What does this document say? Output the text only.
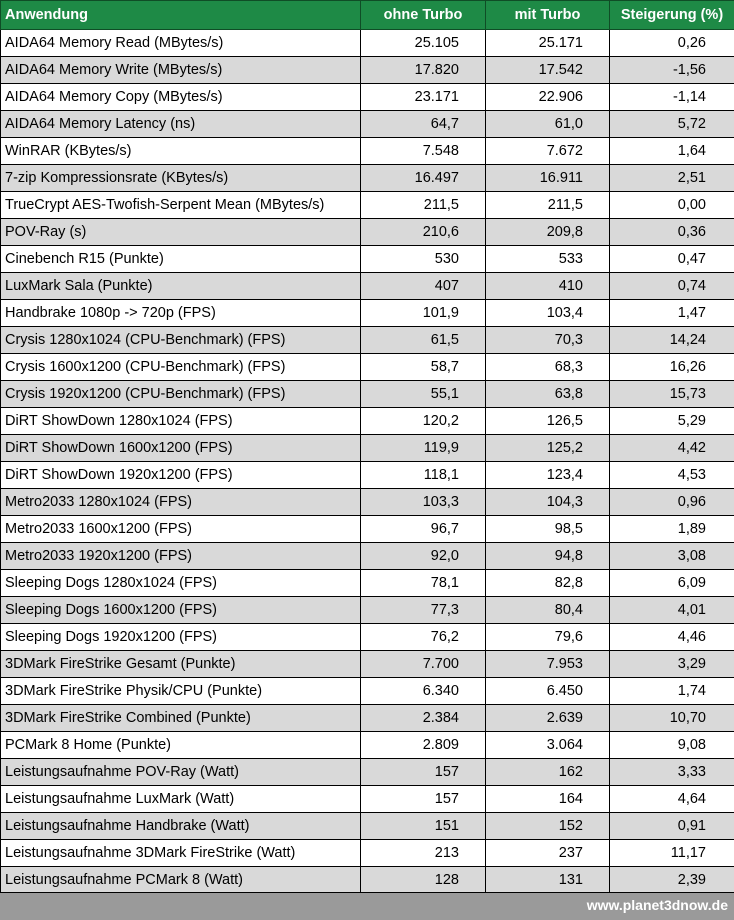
Anwendung	ohne Turbo	mit Turbo	Steigerung (%)
AIDA64 Memory Read (MBytes/s)	25.105	25.171	0,26
AIDA64 Memory Write (MBytes/s)	17.820	17.542	-1,56
AIDA64 Memory Copy (MBytes/s)	23.171	22.906	-1,14
AIDA64 Memory Latency (ns)	64,7	61,0	5,72
WinRAR (KBytes/s)	7.548	7.672	1,64
7-zip Kompressionsrate (KBytes/s)	16.497	16.911	2,51
TrueCrypt AES-Twofish-Serpent Mean (MBytes/s)	211,5	211,5	0,00
POV-Ray (s)	210,6	209,8	0,36
Cinebench R15 (Punkte)	530	533	0,47
LuxMark Sala (Punkte)	407	410	0,74
Handbrake 1080p -> 720p (FPS)	101,9	103,4	1,47
Crysis 1280x1024 (CPU-Benchmark) (FPS)	61,5	70,3	14,24
Crysis 1600x1200 (CPU-Benchmark) (FPS)	58,7	68,3	16,26
Crysis 1920x1200 (CPU-Benchmark) (FPS)	55,1	63,8	15,73
DiRT ShowDown 1280x1024 (FPS)	120,2	126,5	5,29
DiRT ShowDown 1600x1200 (FPS)	119,9	125,2	4,42
DiRT ShowDown 1920x1200 (FPS)	118,1	123,4	4,53
Metro2033 1280x1024 (FPS)	103,3	104,3	0,96
Metro2033 1600x1200 (FPS)	96,7	98,5	1,89
Metro2033 1920x1200 (FPS)	92,0	94,8	3,08
Sleeping Dogs 1280x1024 (FPS)	78,1	82,8	6,09
Sleeping Dogs 1600x1200 (FPS)	77,3	80,4	4,01
Sleeping Dogs 1920x1200 (FPS)	76,2	79,6	4,46
3DMark FireStrike Gesamt (Punkte)	7.700	7.953	3,29
3DMark FireStrike Physik/CPU (Punkte)	6.340	6.450	1,74
3DMark FireStrike Combined (Punkte)	2.384	2.639	10,70
PCMark 8 Home (Punkte)	2.809	3.064	9,08
Leistungsaufnahme POV-Ray (Watt)	157	162	3,33
Leistungsaufnahme LuxMark (Watt)	157	164	4,64
Leistungsaufnahme Handbrake (Watt)	151	152	0,91
Leistungsaufnahme 3DMark FireStrike (Watt)	213	237	11,17
Leistungsaufnahme PCMark 8 (Watt)	128	131	2,39
www.planet3dnow.de
